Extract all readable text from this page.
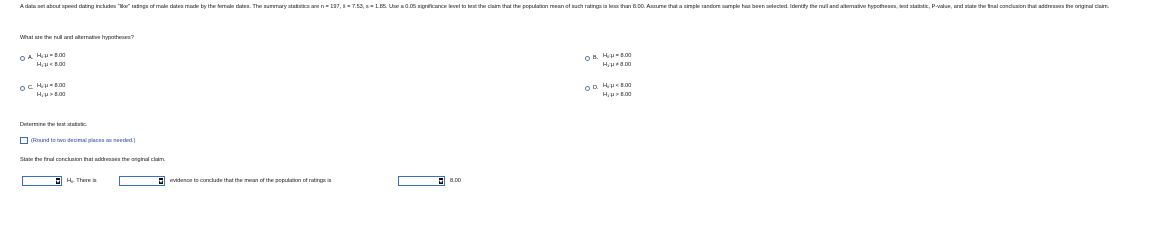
A data set about speed dating includes "like" ratings of male dates made by the female dates. The summary statistics are n = 197, x̄ = 7.53, s = 1.85. Use a 0.05 significance level to test the claim that the population mean of such ratings is less than 8.00. Assume that a simple random sample has been selected. Identify the null and alternative hypotheses, test statistic, P-value, and state the final conclusion that addresses the original claim.
What are the null and alternative hypotheses?
A. $H_0:\mu = 8.00$
$H_1:\mu < 8.00$
B. $H_0:\mu = 8.00$
$H_1:\mu \ne 8.00$
C. $H_0:\mu = 8.00$
$H_1:\mu > 8.00$
D. $H_0:\mu < 8.00$
$H_1:\mu > 8.00$
Determine the test statistic.
(Round to two decimal places as needed.)
State the final conclusion that addresses the original claim.
$H_0$. There is	evidence to conclude that the mean of the population of ratings is	8.00
